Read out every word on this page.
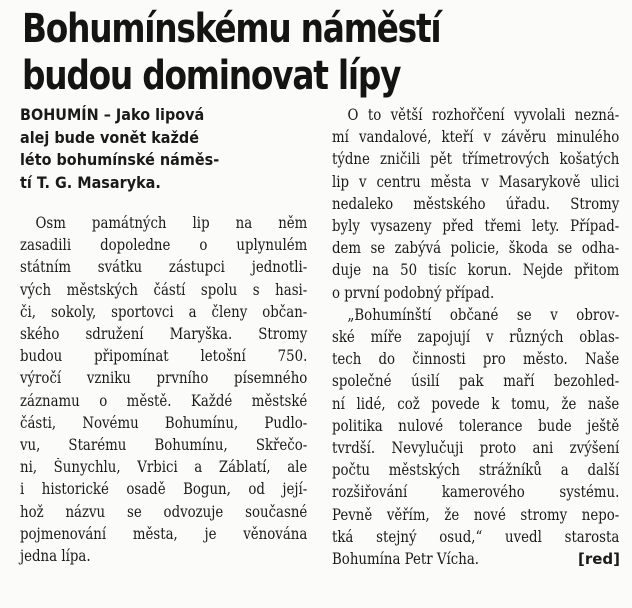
Bohumínskému náměstí
budou dominovat lípy
BOHUMÍN – Jako lipová
alej bude vonět každé
léto bohumínské náměs-
tí T. G. Masaryka.

Osm památných lip na něm
zasadili dopoledne o uplynulém
státním svátku zástupci jednotli-
vých městských částí spolu s hasi-
či, sokoly, sportovci a členy občan-
ského sdružení Maryška. Stromy
budou připomínat letošní 750.
výročí vzniku prvního písemného
záznamu o městě. Každé městské
části, Novému Bohumínu, Pudlo-
vu, Starému Bohumínu, Skřečo-
ni, Šunychlu, Vrbici a Záblatí, ale
i historické osadě Bogun, od její-
hož názvu se odvozuje současné
pojmenování města, je věnována
jedna lípa.

O to větší rozhořčení vyvolali nezná-
mí vandalové, kteří v závěru minulého
týdne zničili pět třímetrových košatých
lip v centru města v Masarykově ulici
nedaleko městského úřadu. Stromy
byly vysazeny před třemi lety. Případ-
dem se zabývá policie, škoda se odha-
duje na 50 tisíc korun. Nejde přitom
o první podobný případ.

„Bohumínští občané se v obrov-
ské míře zapojují v různých oblas-
tech do činnosti pro město. Naše
společné úsilí pak maří bezohled-
ní lidé, což povede k tomu, že naše
politika nulové tolerance bude ještě
tvrdší. Nevylučuji proto ani zvýšení
počtu městských strážníků a další
rozšiřování kamerového systému.
Pevně věřím, že nové stromy nepo-
tká stejný osud,“ uvedl starosta
Bohumína Petr Vícha.	[red]
